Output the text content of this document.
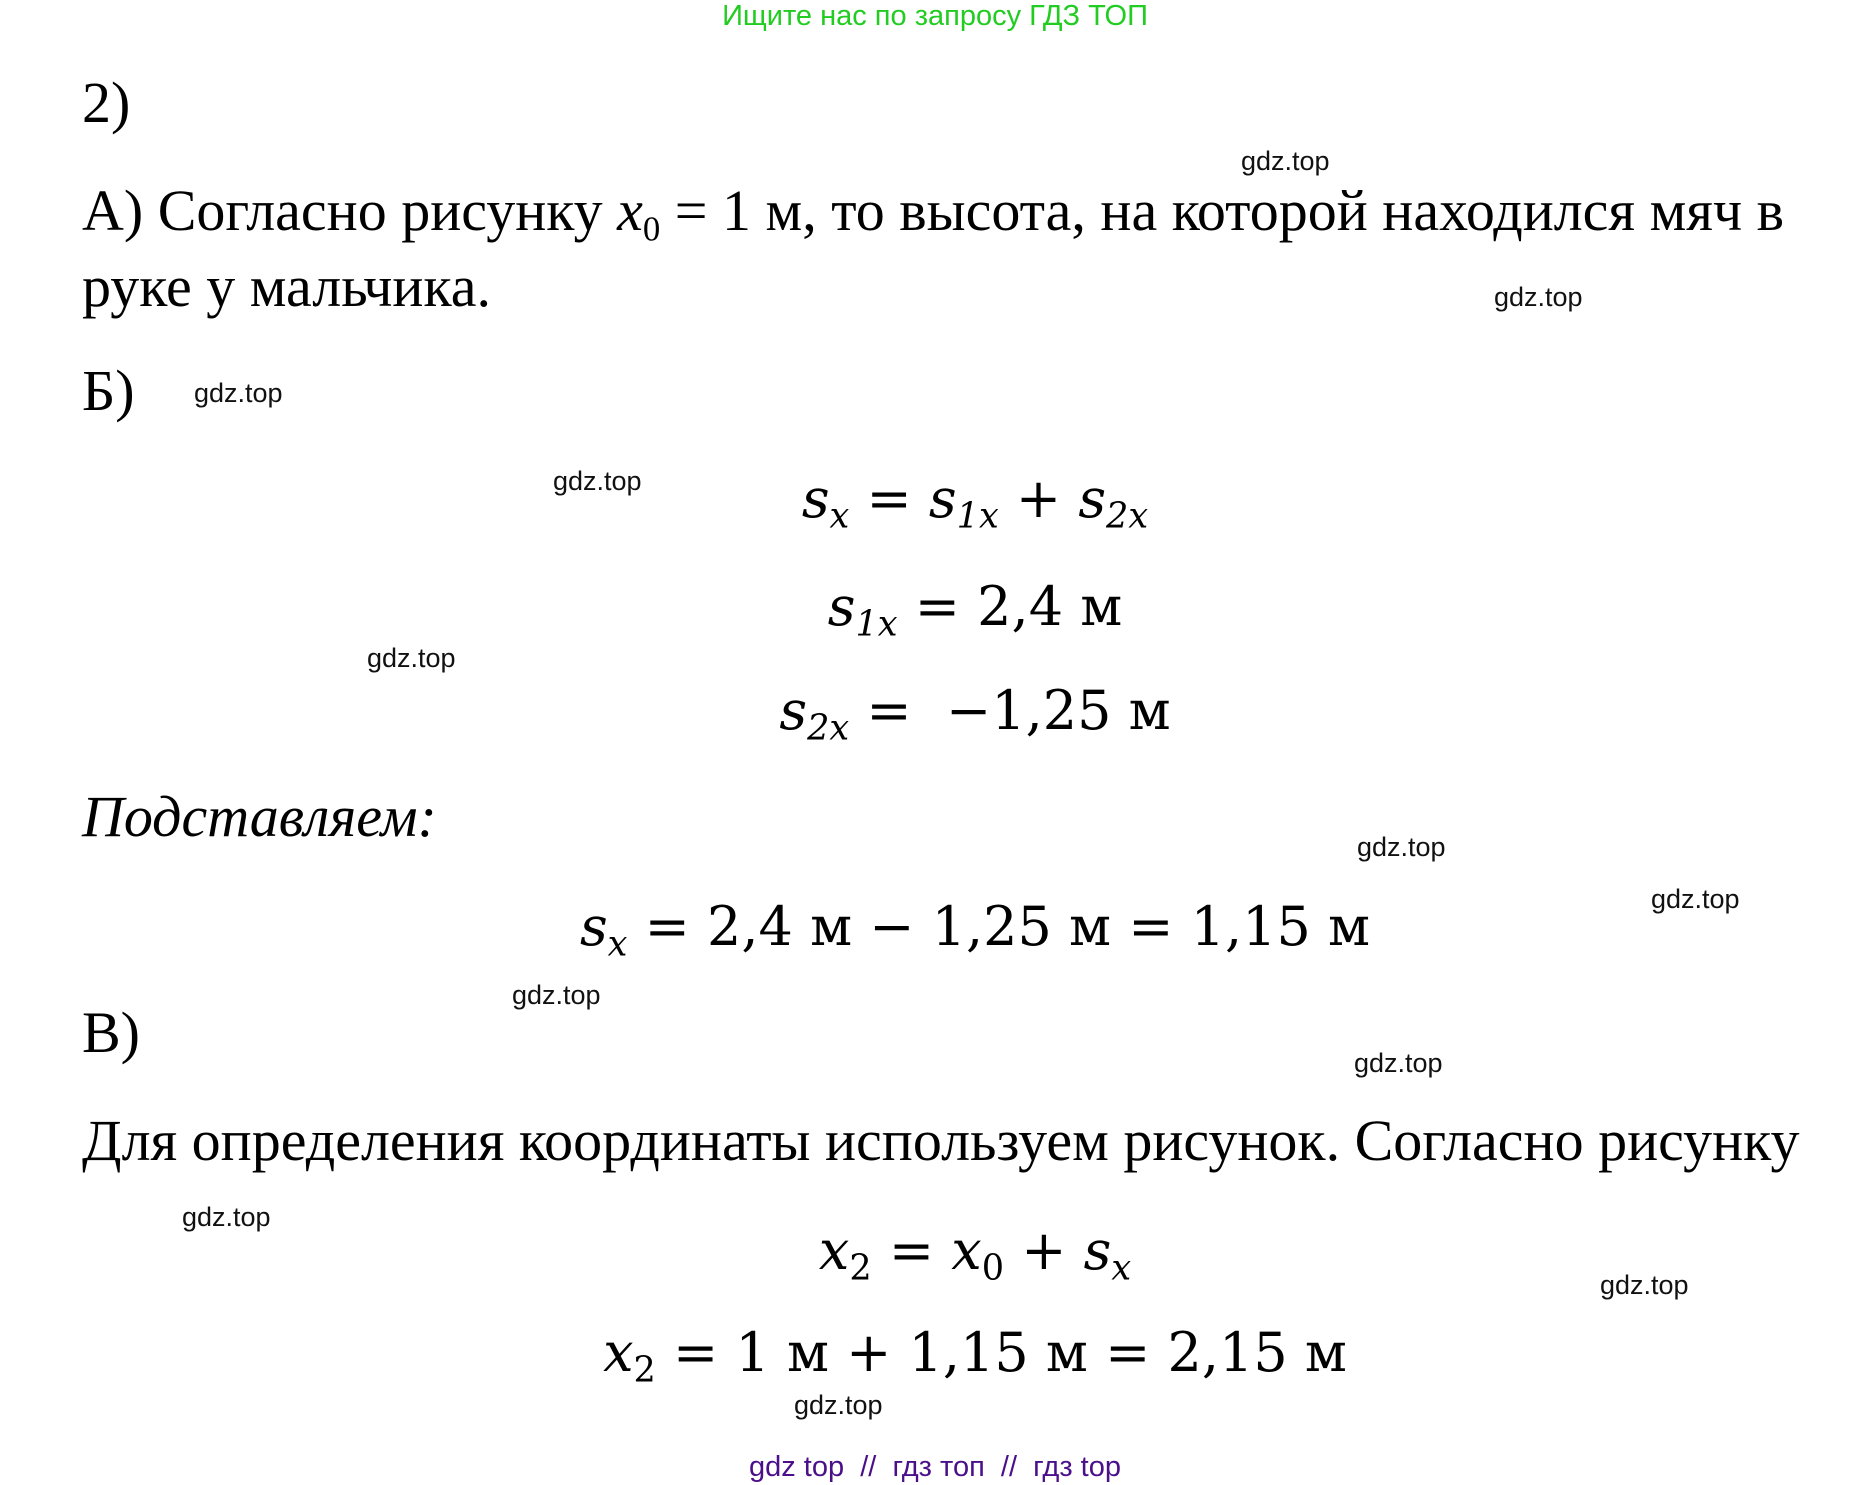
Ищите нас по запросу ГДЗ ТОП
2)
А) Согласно рисунку $x_0 = 1$ м, то высота, на которой находился мяч в
руке у мальчика.
Б)
$s_x = s_{1x} + s_{2x}$
$s_{1x} = 2,4$ м
$s_{2x} = -1,25$ м
Подставляем:
$s_x = 2,4$ м − 1,25 м = 1,15 м
В)
Для определения координаты используем рисунок. Согласно рисунку
$x_2 = x_0 + s_x$
$x_2 = 1$ м + 1,15 м = 2,15 м
gdz.top
gdz.top
gdz.top
gdz.top
gdz.top
gdz.top
gdz.top
gdz.top
gdz.top
gdz.top
gdz.top
gdz.top
gdz top  //  гдз топ  //  гдз top
